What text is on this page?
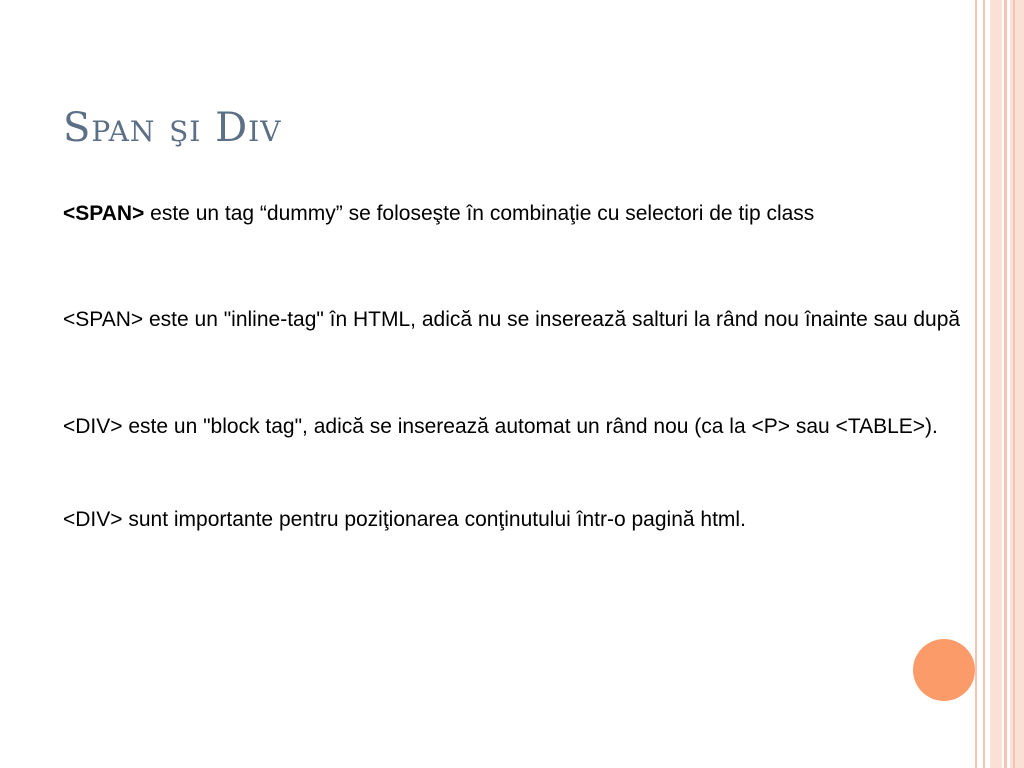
Span şi Div

<SPAN> este un tag “dummy” se foloseşte în combinaţie cu selectori de tip class

<SPAN> este un "inline-tag" în HTML, adică nu se inserează salturi la rând nou înainte sau după

<DIV> este un "block tag", adică se inserează automat un rând nou (ca la <P> sau <TABLE>).

<DIV> sunt importante pentru poziţionarea conţinutului într-o pagină html.
